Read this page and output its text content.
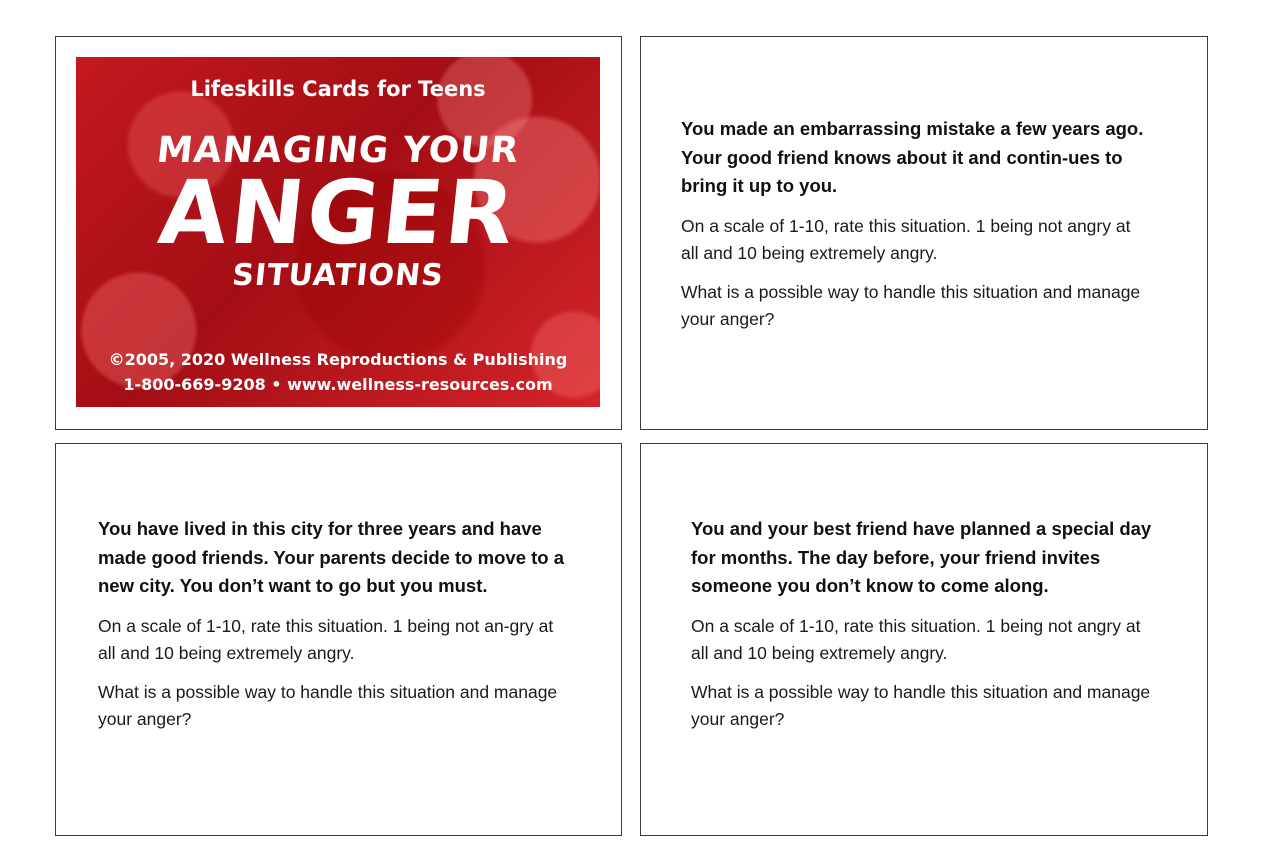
Lifeskills Cards for Teens
MANAGING YOUR
ANGER
SITUATIONS
©2005, 2020 Wellness Reproductions & Publishing
1-800-669-9208 • www.wellness-resources.com

You made an embarrassing mistake a few years ago. Your good friend knows about it and contin-ues to bring it up to you.

On a scale of 1-10, rate this situation. 1 being not angry at all and 10 being extremely angry.

What is a possible way to handle this situation and manage your anger?

You have lived in this city for three years and have made good friends. Your parents decide to move to a new city. You don’t want to go but you must.

On a scale of 1-10, rate this situation. 1 being not an-gry at all and 10 being extremely angry.

What is a possible way to handle this situation and manage your anger?

You and your best friend have planned a special day for months. The day before, your friend invites someone you don’t know to come along.

On a scale of 1-10, rate this situation. 1 being not angry at all and 10 being extremely angry.

What is a possible way to handle this situation and manage your anger?
